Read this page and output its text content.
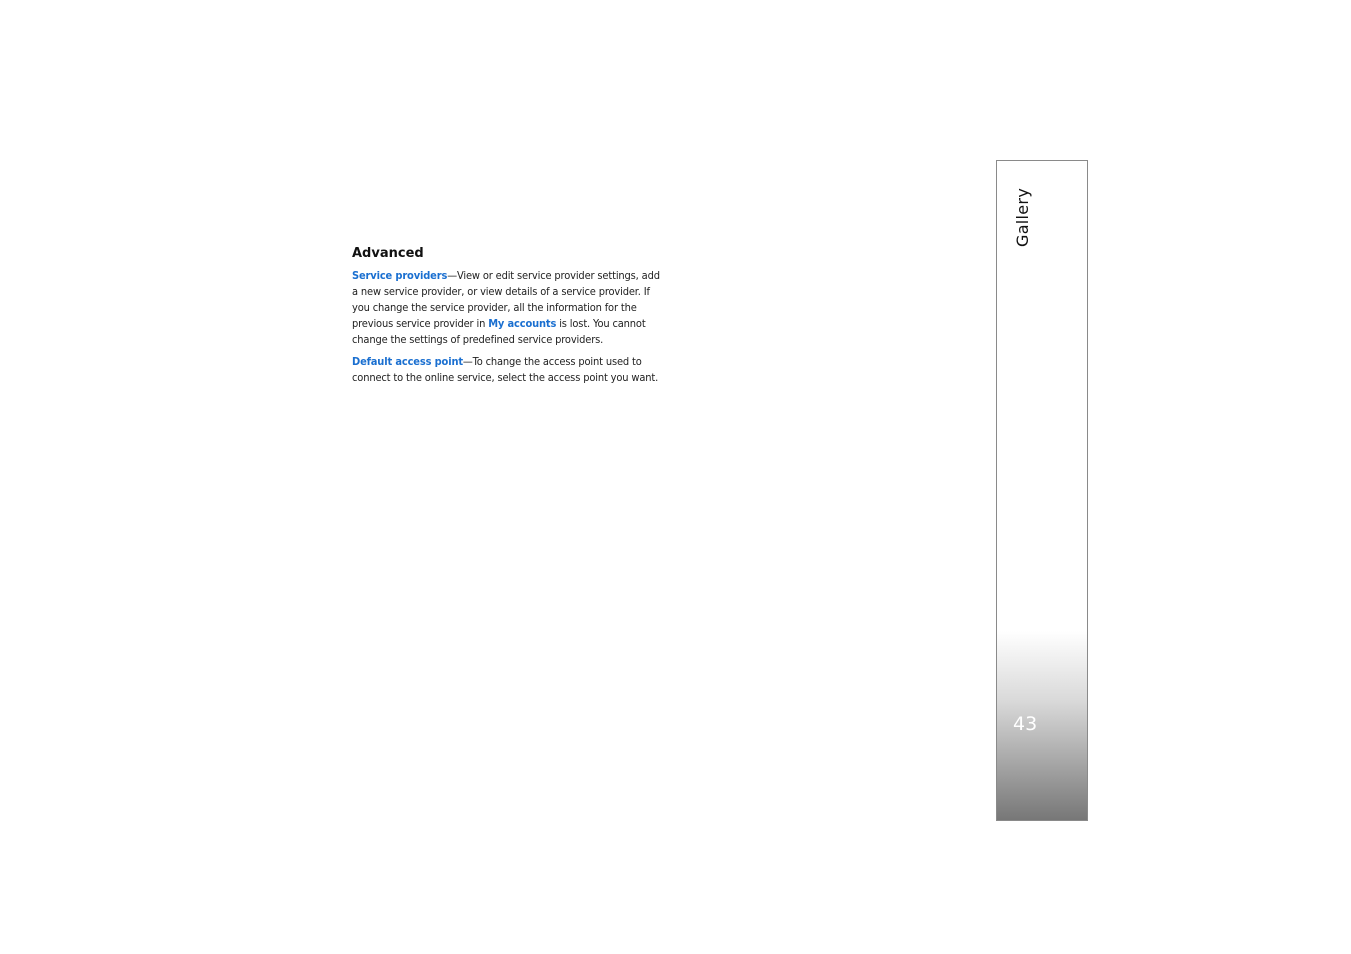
Advanced

Service providers—View or edit service provider settings, add a new service provider, or view details of a service provider. If you change the service provider, all the information for the previous service provider in My accounts is lost. You cannot change the settings of predefined service providers.

Default access point—To change the access point used to connect to the online service, select the access point you want.

Gallery
43
